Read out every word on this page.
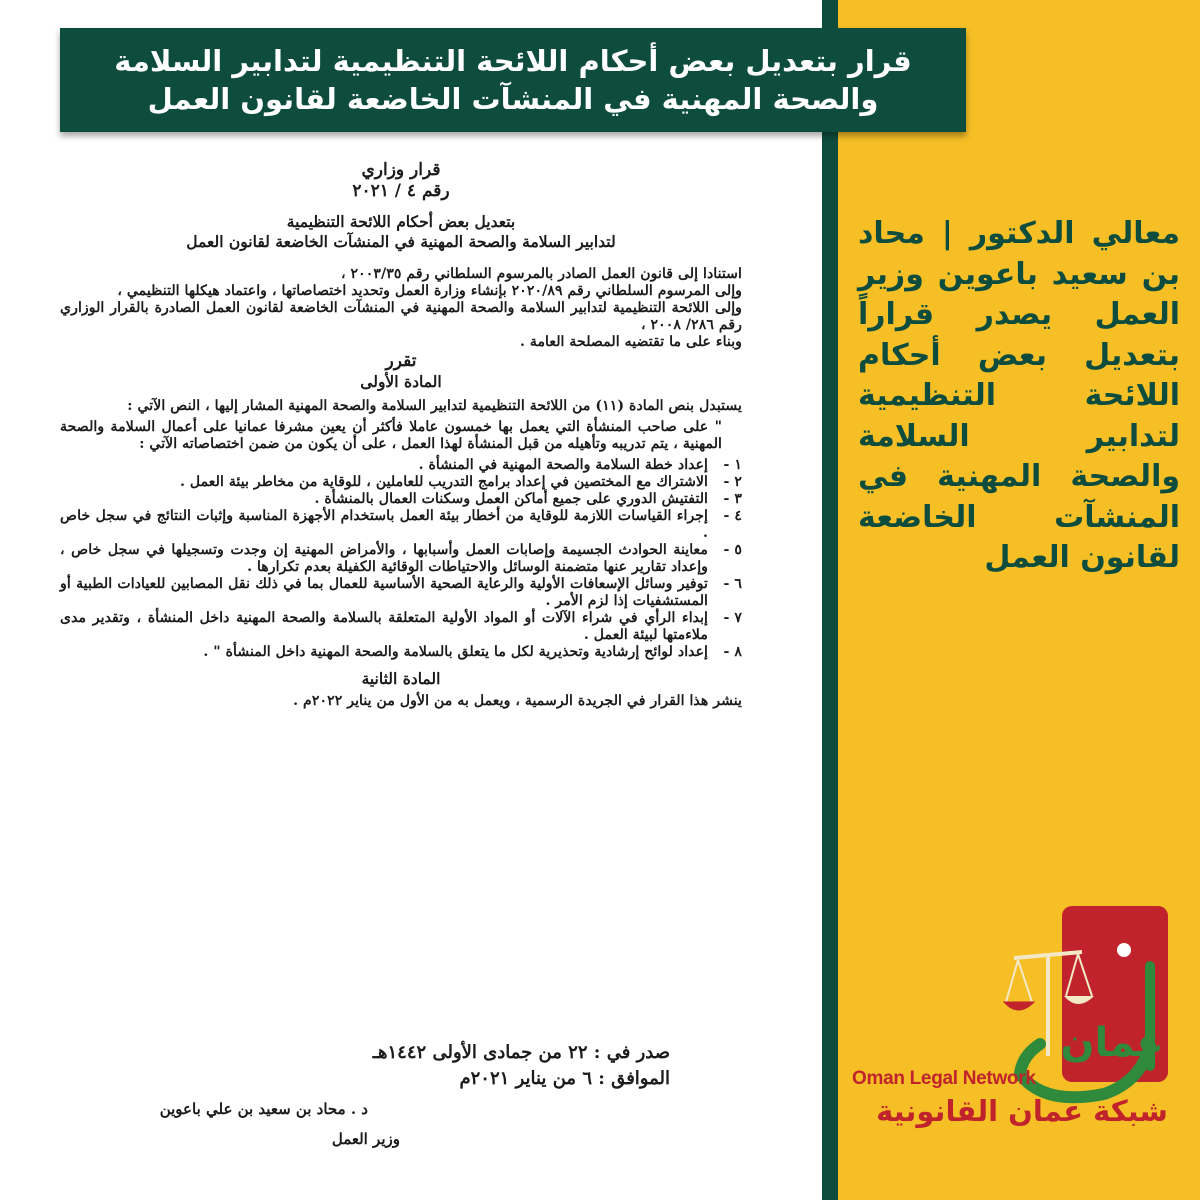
قرار بتعديل بعض أحكام اللائحة التنظيمية لتدابير السلامة
والصحة المهنية في المنشآت الخاضعة لقانون العمل
معالي الدكتور | محاد بن سعيد باعوين وزير العمل يصدر قراراً بتعديل بعض أحكام اللائحة التنظيمية لتدابير السلامة والصحة المهنية في المنشآت الخاضعة لقانون العمل
قرار وزاري
رقم ٤ / ٢٠٢١
بتعديل بعض أحكام اللائحة التنظيمية
لتدابير السلامة والصحة المهنية في المنشآت الخاضعة لقانون العمل
استنادا إلى قانون العمل الصادر بالمرسوم السلطاني رقم ٢٠٠٣/٣٥ ،
وإلى المرسوم السلطاني رقم ٢٠٢٠/٨٩ بإنشاء وزارة العمل وتحديد اختصاصاتها ، واعتماد هيكلها التنظيمي ،
وإلى اللائحة التنظيمية لتدابير السلامة والصحة المهنية في المنشآت الخاضعة لقانون العمل الصادرة بالقرار الوزاري رقم ٢٨٦/ ٢٠٠٨ ،
وبناء على ما تقتضيه المصلحة العامة .
تقرر
المادة الأولى
يستبدل بنص المادة (١١) من اللائحة التنظيمية لتدابير السلامة والصحة المهنية المشار إليها ، النص الآتي :
" على صاحب المنشأة التي يعمل بها خمسون عاملا فأكثر أن يعين مشرفا عمانيا على أعمال السلامة والصحة المهنية ، يتم تدريبه وتأهيله من قبل المنشأة لهذا العمل ، على أن يكون من ضمن اختصاصاته الآتي :
١ -
إعداد خطة السلامة والصحة المهنية في المنشأة .
٢ -
الاشتراك مع المختصين في إعداد برامج التدريب للعاملين ، للوقاية من مخاطر بيئة العمل .
٣ -
التفتيش الدوري على جميع أماكن العمل وسكنات العمال بالمنشأة .
٤ -
إجراء القياسات اللازمة للوقاية من أخطار بيئة العمل باستخدام الأجهزة المناسبة وإثبات النتائج في سجل خاص .
٥ -
معاينة الحوادث الجسيمة وإصابات العمل وأسبابها ، والأمراض المهنية إن وجدت وتسجيلها في سجل خاص ، وإعداد تقارير عنها متضمنة الوسائل والاحتياطات الوقائية الكفيلة بعدم تكرارها .
٦ -
توفير وسائل الإسعافات الأولية والرعاية الصحية الأساسية للعمال بما في ذلك نقل المصابين للعيادات الطبية أو المستشفيات إذا لزم الأمر .
٧ -
إبداء الرأي في شراء الآلات أو المواد الأولية المتعلقة بالسلامة والصحة المهنية داخل المنشأة ، وتقدير مدى ملاءمتها لبيئة العمل .
٨ -
إعداد لوائح إرشادية وتحذيرية لكل ما يتعلق بالسلامة والصحة المهنية داخل المنشأة " .
المادة الثانية
ينشر هذا القرار في الجريدة الرسمية ، ويعمل به من الأول من يناير ٢٠٢٢م .
صدر في : ٢٢ من جمادى الأولى ١٤٤٢هـ
الموافق : ٦ من يناير ٢٠٢١م
د . محاد بن سعيد بن علي باعوين
وزير العمل
عمان
Oman Legal Network
شبكة عمان القانونية
